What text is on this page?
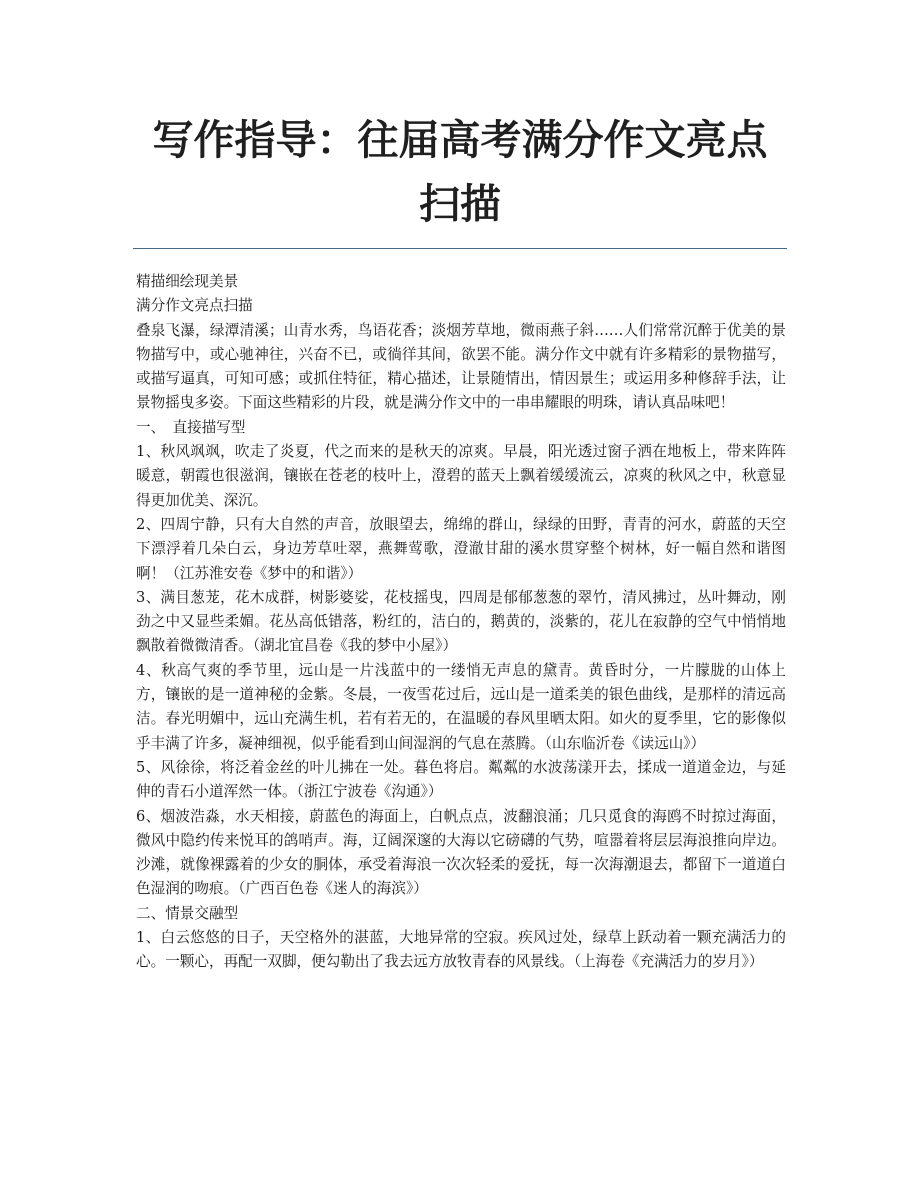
写作指导：往届高考满分作文亮点扫描

精描细绘现美景

满分作文亮点扫描

叠泉飞瀑，绿潭清溪；山青水秀，鸟语花香；淡烟芳草地，微雨燕子斜……人们常常沉醉于优美的景物描写中，或心驰神往，兴奋不已，或徜徉其间，欲罢不能。满分作文中就有许多精彩的景物描写，或描写逼真，可知可感；或抓住特征，精心描述，让景随情出，情因景生；或运用多种修辞手法，让景物摇曳多姿。下面这些精彩的片段，就是满分作文中的一串串耀眼的明珠，请认真品味吧！

一、　直接描写型

1、秋风飒飒，吹走了炎夏，代之而来的是秋天的凉爽。早晨，阳光透过窗子洒在地板上，带来阵阵暖意，朝霞也很滋润，镶嵌在苍老的枝叶上，澄碧的蓝天上飘着缓缓流云，凉爽的秋风之中，秋意显得更加优美、深沉。

2、四周宁静，只有大自然的声音，放眼望去，绵绵的群山，绿绿的田野，青青的河水，蔚蓝的天空下漂浮着几朵白云，身边芳草吐翠，燕舞莺歌，澄澈甘甜的溪水贯穿整个树林，好一幅自然和谐图啊！（江苏淮安卷《梦中的和谐》）

3、满目葱茏，花木成群，树影婆娑，花枝摇曳，四周是郁郁葱葱的翠竹，清风拂过，丛叶舞动，刚劲之中又显些柔媚。花丛高低错落，粉红的，洁白的，鹅黄的，淡紫的，花儿在寂静的空气中悄悄地飘散着微微清香。（湖北宜昌卷《我的梦中小屋》）

4、秋高气爽的季节里，远山是一片浅蓝中的一缕悄无声息的黛青。黄昏时分，一片朦胧的山体上方，镶嵌的是一道神秘的金紫。冬晨，一夜雪花过后，远山是一道柔美的银色曲线，是那样的清远高洁。春光明媚中，远山充满生机，若有若无的，在温暖的春风里晒太阳。如火的夏季里，它的影像似乎丰满了许多，凝神细视，似乎能看到山间湿润的气息在蒸腾。（山东临沂卷《读远山》）

5、风徐徐，将泛着金丝的叶儿拂在一处。暮色将启。粼粼的水波荡漾开去，揉成一道道金边，与延伸的青石小道浑然一体。（浙江宁波卷《沟通》）

6、烟波浩淼，水天相接，蔚蓝色的海面上，白帆点点，波翻浪涌；几只觅食的海鸥不时掠过海面，微风中隐约传来悦耳的鸽哨声。海，辽阔深邃的大海以它磅礴的气势，喧嚣着将层层海浪推向岸边。沙滩，就像裸露着的少女的胴体，承受着海浪一次次轻柔的爱抚，每一次海潮退去，都留下一道道白色湿润的吻痕。（广西百色卷《迷人的海滨》）

二、情景交融型

1、白云悠悠的日子，天空格外的湛蓝，大地异常的空寂。疾风过处，绿草上跃动着一颗充满活力的心。一颗心，再配一双脚，便勾勒出了我去远方放牧青春的风景线。（上海卷《充满活力的岁月》）
